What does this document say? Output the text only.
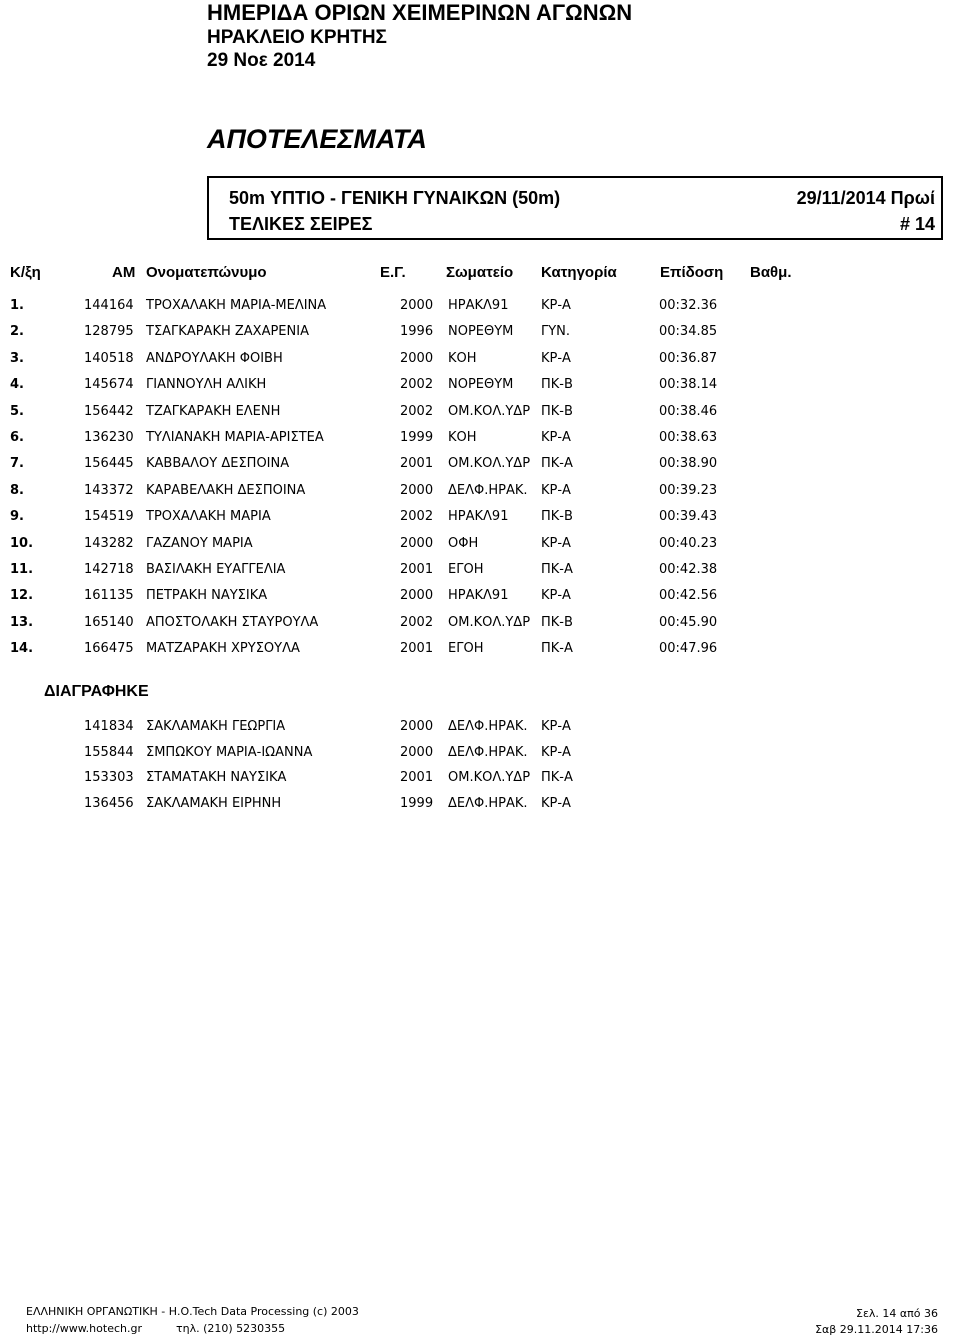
ΗΜΕΡΙΔΑ ΟΡΙΩΝ ΧΕΙΜΕΡΙΝΩΝ ΑΓΩΝΩΝ
ΗΡΑΚΛΕΙΟ ΚΡΗΤΗΣ
29 Νοε 2014
ΑΠΟΤΕΛΕΣΜΑΤΑ
50m ΥΠΤΙΟ - ΓΕΝΙΚΗ ΓΥΝΑΙΚΩΝ (50m)	29/11/2014 Πρωί
ΤΕΛΙΚΕΣ ΣΕΙΡΕΣ	# 14
Κ/ξη	ΑΜ Ονοματεπώνυμο	Ε.Γ.	Σωματείο Κατηγορία	Επίδοση Βαθμ.
1.	144164 ΤΡΟΧΑΛΑΚΗ ΜΑΡΙΑ-ΜΕΛΙΝΑ	2000 ΗΡΑΚΛ91	ΚΡ-Α	00:32.36
2.	128795 ΤΣΑΓΚΑΡΑΚΗ ΖΑΧΑΡΕΝΙΑ	1996 ΝΟΡΕΘΥΜ ΓΥΝ.	00:34.85
3.	140518 ΑΝΔΡΟΥΛΑΚΗ ΦΟΙΒΗ	2000 ΚΟΗ	ΚΡ-Α	00:36.87
4.	145674 ΓΙΑΝΝΟΥΛΗ ΑΛΙΚΗ	2002 ΝΟΡΕΘΥΜ ΠΚ-Β	00:38.14
5.	156442 ΤΖΑΓΚΑΡΑΚΗ ΕΛΕΝΗ	2002 ΟΜ.ΚΟΛ.ΥΔΡ ΠΚ-Β	00:38.46
6.	136230 ΤΥΛΙΑΝΑΚΗ ΜΑΡΙΑ-ΑΡΙΣΤΕΑ	1999 ΚΟΗ	ΚΡ-Α	00:38.63
7.	156445 ΚΑΒΒΑΛΟΥ ΔΕΣΠΟΙΝΑ	2001 ΟΜ.ΚΟΛ.ΥΔΡ ΠΚ-Α	00:38.90
8.	143372 ΚΑΡΑΒΕΛΑΚΗ ΔΕΣΠΟΙΝΑ	2000 ΔΕΛΦ.ΗΡΑΚ. ΚΡ-Α	00:39.23
9.	154519 ΤΡΟΧΑΛΑΚΗ ΜΑΡΙΑ	2002 ΗΡΑΚΛ91	ΠΚ-Β	00:39.43
10.	143282 ΓΑΖΑΝΟΥ ΜΑΡΙΑ	2000 ΟΦΗ	ΚΡ-Α	00:40.23
11.	142718 ΒΑΣΙΛΑΚΗ ΕΥΑΓΓΕΛΙΑ	2001 ΕΓΟΗ	ΠΚ-Α	00:42.38
12.	161135 ΠΕΤΡΑΚΗ ΝΑΥΣΙΚΑ	2000 ΗΡΑΚΛ91	ΚΡ-Α	00:42.56
13.	165140 ΑΠΟΣΤΟΛΑΚΗ ΣΤΑΥΡΟΥΛΑ	2002 ΟΜ.ΚΟΛ.ΥΔΡ ΠΚ-Β	00:45.90
14.	166475 ΜΑΤΖΑΡΑΚΗ ΧΡΥΣΟΥΛΑ	2001 ΕΓΟΗ	ΠΚ-Α	00:47.96
ΔΙΑΓΡΑΦΗΚΕ
141834 ΣΑΚΛΑΜΑΚΗ ΓΕΩΡΓΙΑ	2000 ΔΕΛΦ.ΗΡΑΚ. ΚΡ-Α
155844 ΣΜΠΩΚΟΥ ΜΑΡΙΑ-ΙΩΑΝΝΑ	2000 ΔΕΛΦ.ΗΡΑΚ. ΚΡ-Α
153303 ΣΤΑΜΑΤΑΚΗ ΝΑΥΣΙΚΑ	2001 ΟΜ.ΚΟΛ.ΥΔΡ ΠΚ-Α
136456 ΣΑΚΛΑΜΑΚΗ ΕΙΡΗΝΗ	1999 ΔΕΛΦ.ΗΡΑΚ. ΚΡ-Α
ΕΛΛΗΝΙΚΗ ΟΡΓΑΝΩΤΙΚΗ - Η.Ο.Tech Data Processing (c) 2003
http://www.hotech.gr	τηλ. (210) 5230355
Σελ. 14 από 36
Σαβ 29.11.2014 17:36
